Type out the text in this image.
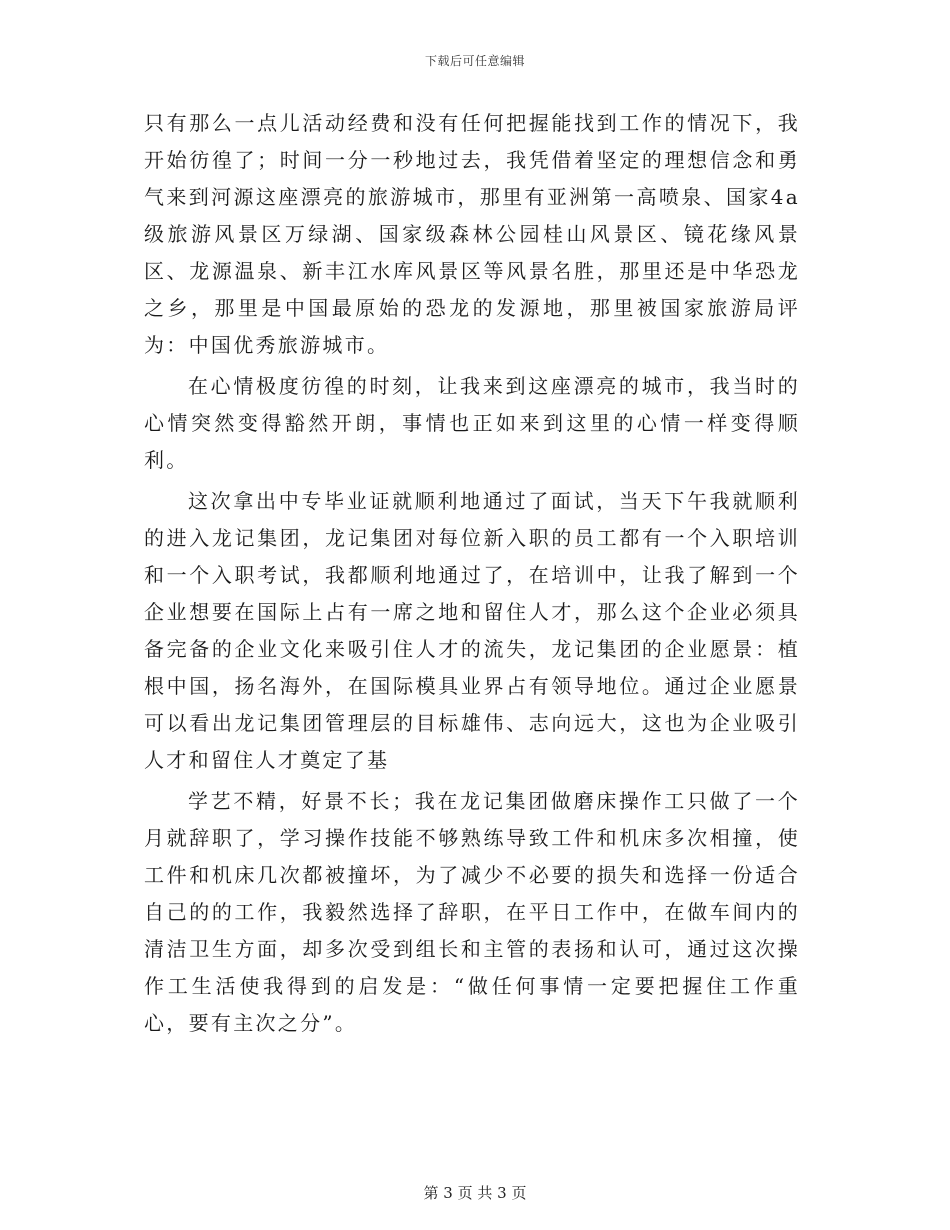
下载后可任意编辑

只有那么一点儿活动经费和没有任何把握能找到工作的情况下，我开始彷徨了；时间一分一秒地过去，我凭借着坚定的理想信念和勇气来到河源这座漂亮的旅游城市，那里有亚洲第一高喷泉、国家4a级旅游风景区万绿湖、国家级森林公园桂山风景区、镜花缘风景区、龙源温泉、新丰江水库风景区等风景名胜，那里还是中华恐龙之乡，那里是中国最原始的恐龙的发源地，那里被国家旅游局评为：中国优秀旅游城市。

在心情极度彷徨的时刻，让我来到这座漂亮的城市，我当时的心情突然变得豁然开朗，事情也正如来到这里的心情一样变得顺利。

这次拿出中专毕业证就顺利地通过了面试，当天下午我就顺利的进入龙记集团，龙记集团对每位新入职的员工都有一个入职培训和一个入职考试，我都顺利地通过了，在培训中，让我了解到一个企业想要在国际上占有一席之地和留住人才，那么这个企业必须具备完备的企业文化来吸引住人才的流失，龙记集团的企业愿景：植根中国，扬名海外，在国际模具业界占有领导地位。通过企业愿景可以看出龙记集团管理层的目标雄伟、志向远大，这也为企业吸引人才和留住人才奠定了基

学艺不精，好景不长；我在龙记集团做磨床操作工只做了一个月就辞职了，学习操作技能不够熟练导致工件和机床多次相撞，使工件和机床几次都被撞坏，为了减少不必要的损失和选择一份适合自己的的工作，我毅然选择了辞职，在平日工作中，在做车间内的清洁卫生方面，却多次受到组长和主管的表扬和认可，通过这次操作工生活使我得到的启发是：“做任何事情一定要把握住工作重心，要有主次之分”。

第 3 页 共 3 页
